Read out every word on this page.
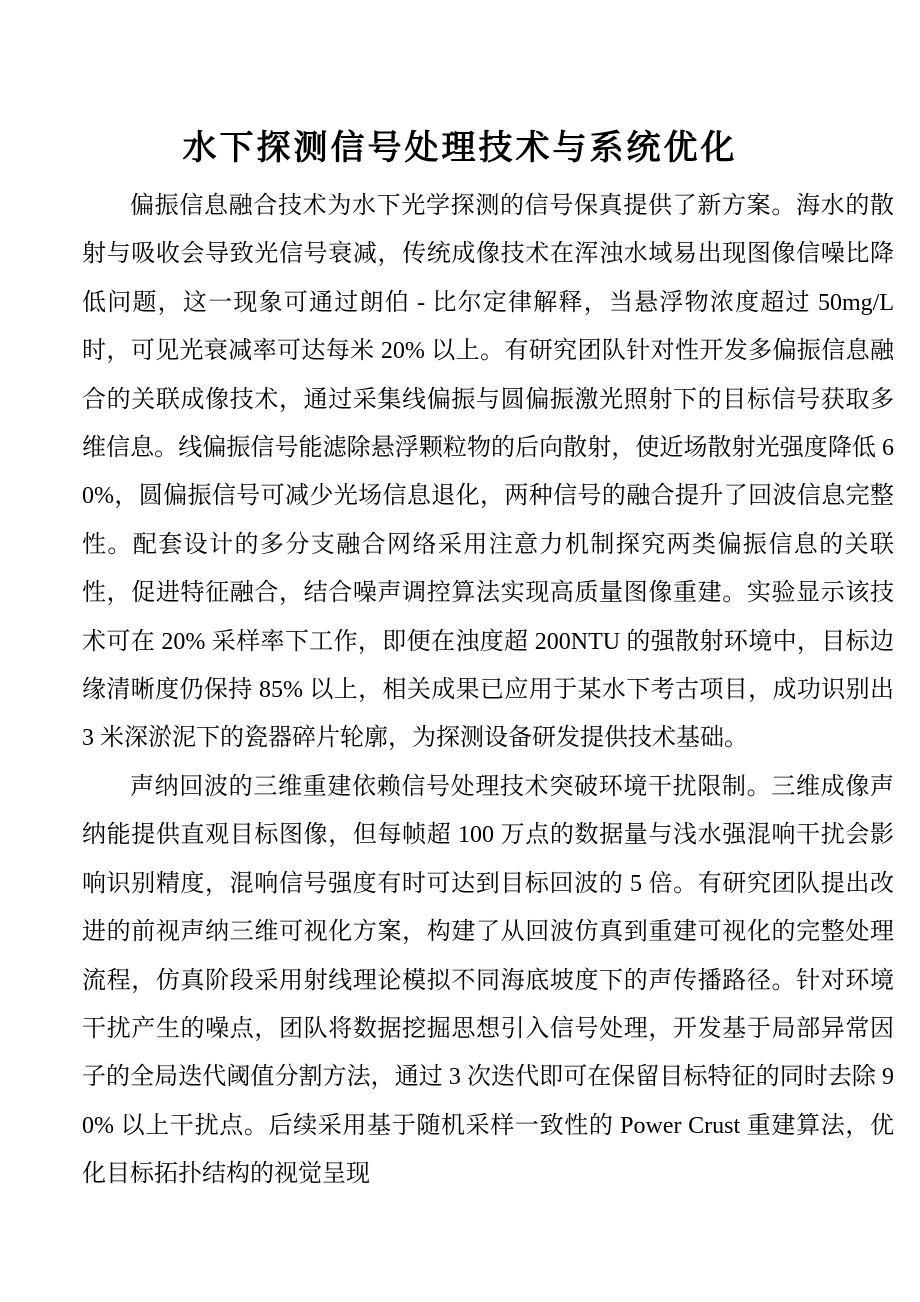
水下探测信号处理技术与系统优化

偏振信息融合技术为水下光学探测的信号保真提供了新方案。海水的散射与吸收会导致光信号衰减，传统成像技术在浑浊水域易出现图像信噪比降低问题，这一现象可通过朗伯 - 比尔定律解释，当悬浮物浓度超过 50mg/L 时，可见光衰减率可达每米 20% 以上。有研究团队针对性开发多偏振信息融合的关联成像技术，通过采集线偏振与圆偏振激光照射下的目标信号获取多维信息。线偏振信号能滤除悬浮颗粒物的后向散射，使近场散射光强度降低 60%，圆偏振信号可减少光场信息退化，两种信号的融合提升了回波信息完整性。配套设计的多分支融合网络采用注意力机制探究两类偏振信息的关联性，促进特征融合，结合噪声调控算法实现高质量图像重建。实验显示该技术可在 20% 采样率下工作，即便在浊度超 200NTU 的强散射环境中，目标边缘清晰度仍保持 85% 以上，相关成果已应用于某水下考古项目，成功识别出 3 米深淤泥下的瓷器碎片轮廓，为探测设备研发提供技术基础。

声纳回波的三维重建依赖信号处理技术突破环境干扰限制。三维成像声纳能提供直观目标图像，但每帧超 100 万点的数据量与浅水强混响干扰会影响识别精度，混响信号强度有时可达到目标回波的 5 倍。有研究团队提出改进的前视声纳三维可视化方案，构建了从回波仿真到重建可视化的完整处理流程，仿真阶段采用射线理论模拟不同海底坡度下的声传播路径。针对环境干扰产生的噪点，团队将数据挖掘思想引入信号处理，开发基于局部异常因子的全局迭代阈值分割方法，通过 3 次迭代即可在保留目标特征的同时去除 90% 以上干扰点。后续采用基于随机采样一致性的 Power Crust 重建算法，优化目标拓扑结构的视觉呈现
